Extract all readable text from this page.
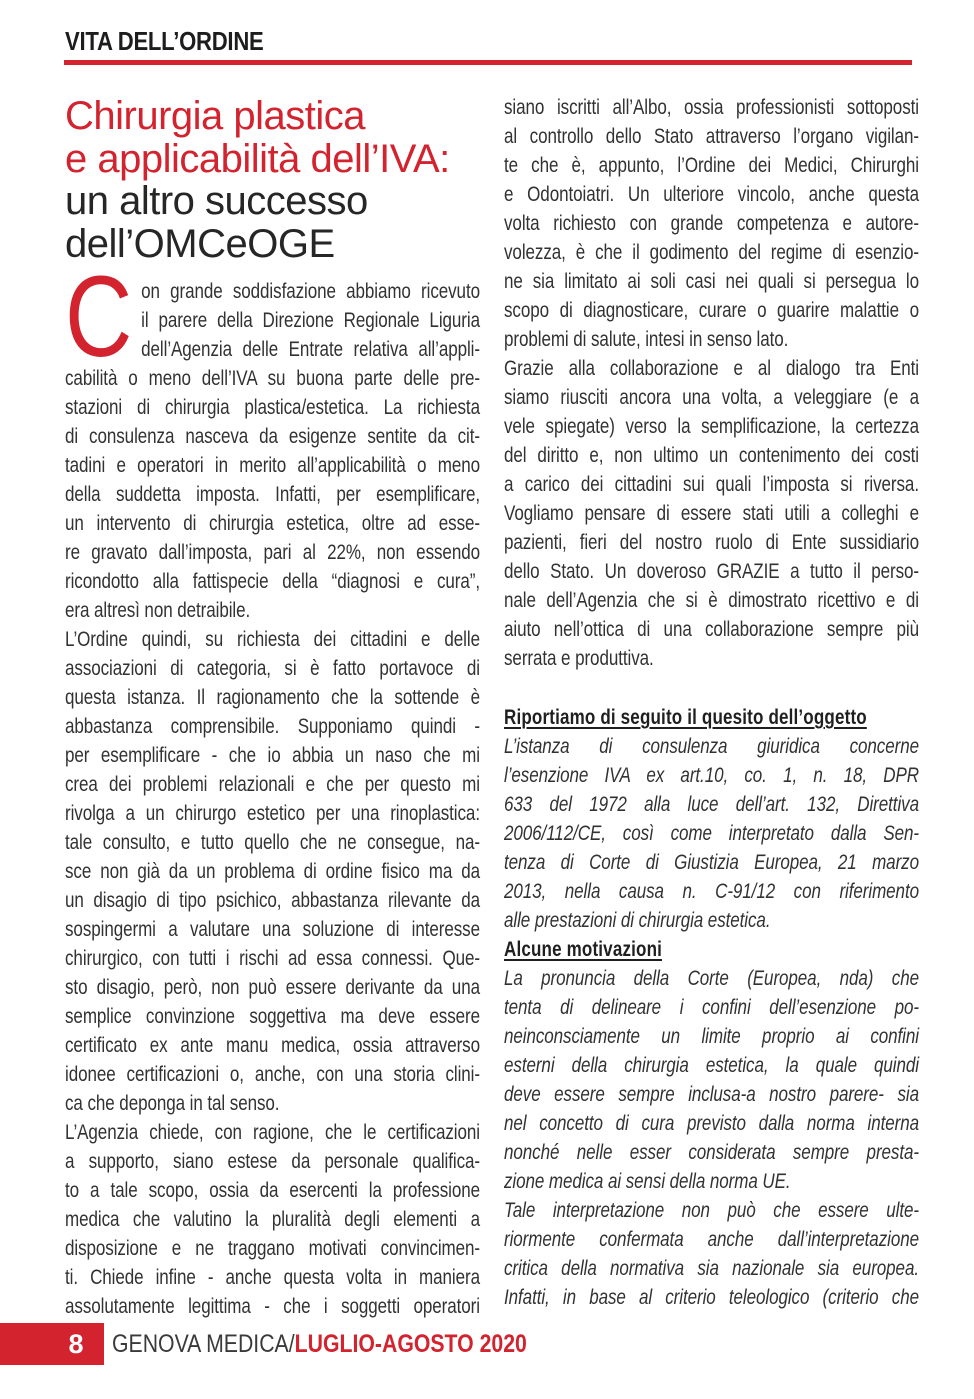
VITA DELL’ORDINE
Chirurgia plastica
e applicabilità dell’IVA:
un altro successo
dell’OMCeOGE

C on grande soddisfazione abbiamo ricevuto
il parere della Direzione Regionale Liguria
dell’Agenzia delle Entrate relativa all’appli-
cabilità o meno dell’IVA su buona parte delle pre-
stazioni di chirurgia plastica/estetica. La richiesta
di consulenza nasceva da esigenze sentite da cit-
tadini e operatori in merito all’applicabilità o meno
della suddetta imposta. Infatti, per esemplificare,
un intervento di chirurgia estetica, oltre ad esse-
re gravato dall’imposta, pari al 22%, non essendo
ricondotto alla fattispecie della “diagnosi e cura”,
era altresì non detraibile.

L’Ordine quindi, su richiesta dei cittadini e delle
associazioni di categoria, si è fatto portavoce di
questa istanza. Il ragionamento che la sottende è
abbastanza comprensibile. Supponiamo quindi -
per esemplificare - che io abbia un naso che mi
crea dei problemi relazionali e che per questo mi
rivolga a un chirurgo estetico per una rinoplastica:
tale consulto, e tutto quello che ne consegue, na-
sce non già da un problema di ordine fisico ma da
un disagio di tipo psichico, abbastanza rilevante da
sospingermi a valutare una soluzione di interesse
chirurgico, con tutti i rischi ad essa connessi. Que-
sto disagio, però, non può essere derivante da una
semplice convinzione soggettiva ma deve essere
certificato ex ante manu medica, ossia attraverso
idonee certificazioni o, anche, con una storia clini-
ca che deponga in tal senso.

L’Agenzia chiede, con ragione, che le certificazioni
a supporto, siano estese da personale qualifica-
to a tale scopo, ossia da esercenti la professione
medica che valutino la pluralità degli elementi a
disposizione e ne traggano motivati convincimen-
ti. Chiede infine - anche questa volta in maniera
assolutamente legittima - che i soggetti operatori

siano iscritti all’Albo, ossia professionisti sottoposti
al controllo dello Stato attraverso l’organo vigilan-
te che è, appunto, l’Ordine dei Medici, Chirurghi
e Odontoiatri. Un ulteriore vincolo, anche questa
volta richiesto con grande competenza e autore-
volezza, è che il godimento del regime di esenzio-
ne sia limitato ai soli casi nei quali si persegua lo
scopo di diagnosticare, curare o guarire malattie o
problemi di salute, intesi in senso lato.

Grazie alla collaborazione e al dialogo tra Enti
siamo riusciti ancora una volta, a veleggiare (e a
vele spiegate) verso la semplificazione, la certezza
del diritto e, non ultimo un contenimento dei costi
a carico dei cittadini sui quali l’imposta si riversa.
Vogliamo pensare di essere stati utili a colleghi e
pazienti, fieri del nostro ruolo di Ente sussidiario
dello Stato. Un doveroso GRAZIE a tutto il perso-
nale dell’Agenzia che si è dimostrato ricettivo e di
aiuto nell’ottica di una collaborazione sempre più
serrata e produttiva.

Riportiamo di seguito il quesito dell’oggetto

L’istanza di consulenza giuridica concerne
l’esenzione IVA ex art.10, co. 1, n. 18, DPR
633 del 1972 alla luce dell’art. 132, Direttiva
2006/112/CE, così come interpretato dalla Sen-
tenza di Corte di Giustizia Europea, 21 marzo
2013, nella causa n. C-91/12 con riferimento
alle prestazioni di chirurgia estetica.

Alcune motivazioni

La pronuncia della Corte (Europea, nda) che
tenta di delineare i confini dell’esenzione po-
neinconsciamente un limite proprio ai confini
esterni della chirurgia estetica, la quale quindi
deve essere sempre inclusa-a nostro parere- sia
nel concetto di cura previsto dalla norma interna
nonché nelle esser considerata sempre presta-
zione medica ai sensi della norma UE.

Tale interpretazione non può che essere ulte-
riormente confermata anche dall’interpretazione
critica della normativa sia nazionale sia europea.
Infatti, in base al criterio teleologico (criterio che

8	GENOVA MEDICA/LUGLIO-AGOSTO 2020
